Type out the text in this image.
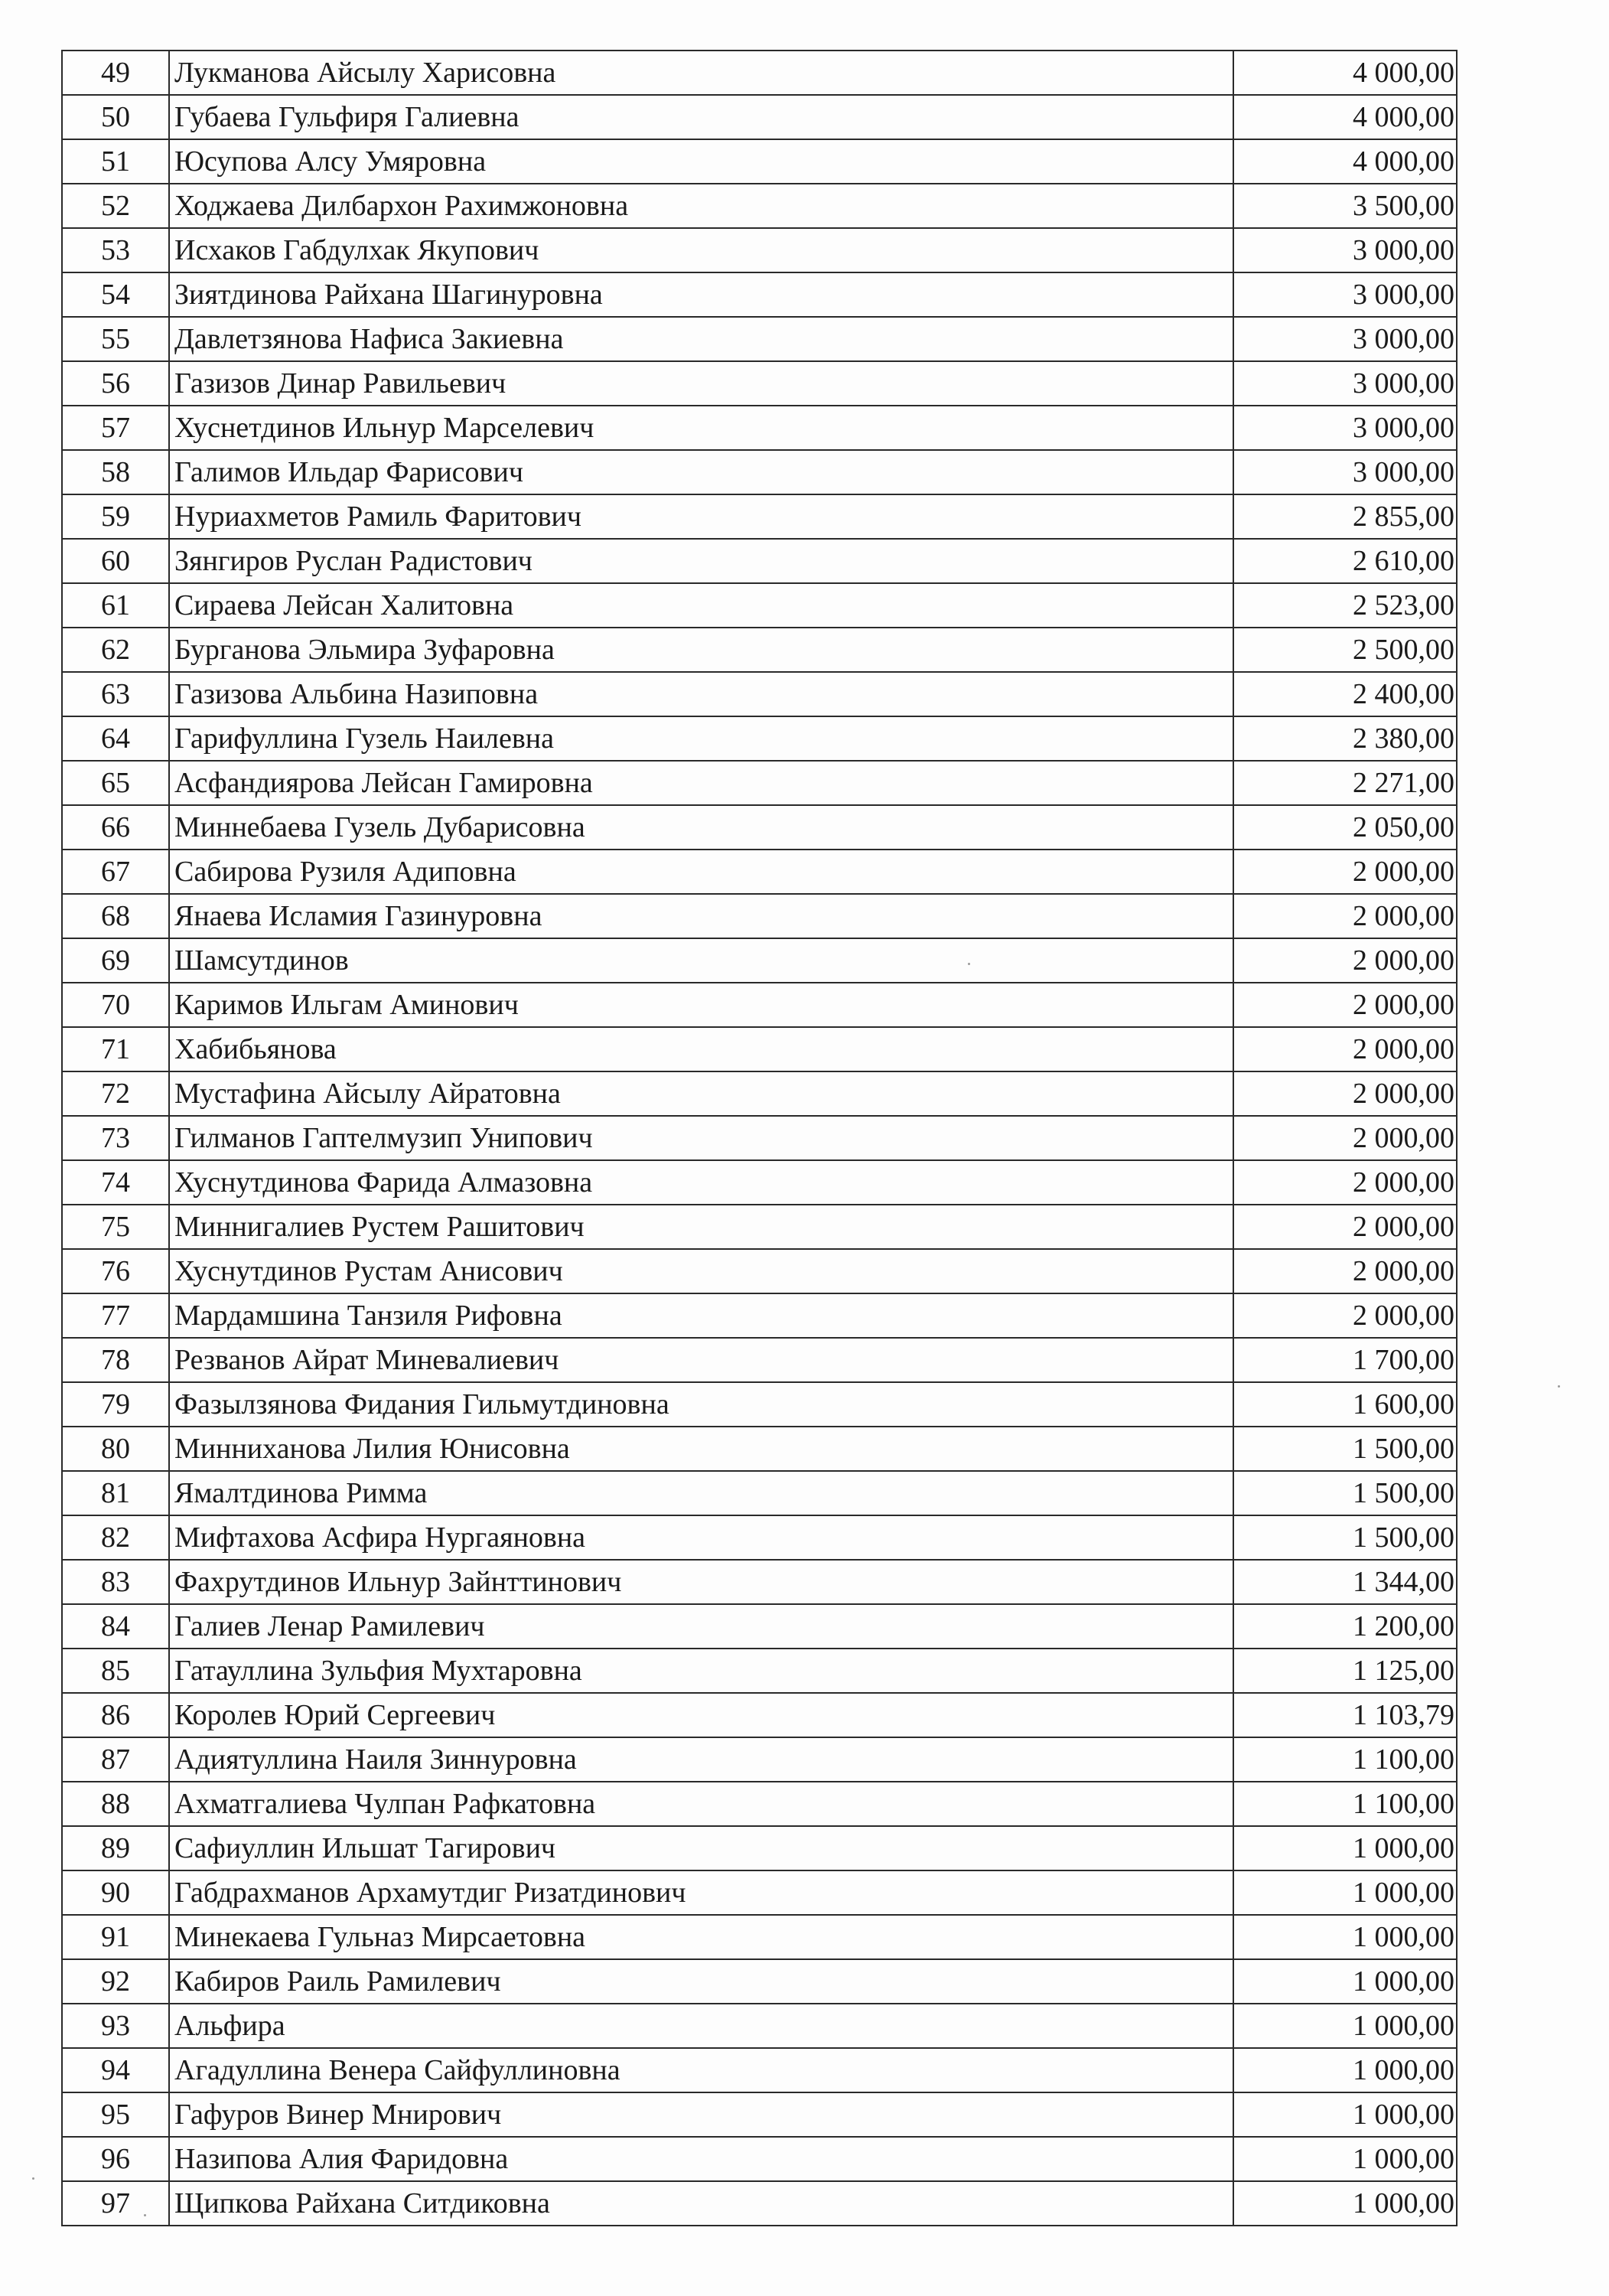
49	Лукманова Айсылу Харисовна	4 000,00
50	Губаева Гульфиря Галиевна	4 000,00
51	Юсупова Алсу Умяровна	4 000,00
52	Ходжаева Дилбархон Рахимжоновна	3 500,00
53	Исхаков Габдулхак Якупович	3 000,00
54	Зиятдинова Райхана Шагинуровна	3 000,00
55	Давлетзянова Нафиса Закиевна	3 000,00
56	Газизов Динар Равильевич	3 000,00
57	Хуснетдинов Ильнур Марселевич	3 000,00
58	Галимов Ильдар Фарисович	3 000,00
59	Нуриахметов Рамиль Фаритович	2 855,00
60	Зянгиров Руслан Радистович	2 610,00
61	Сираева Лейсан Халитовна	2 523,00
62	Бурганова Эльмира Зуфаровна	2 500,00
63	Газизова Альбина Назиповна	2 400,00
64	Гарифуллина Гузель Наилевна	2 380,00
65	Асфандиярова Лейсан Гамировна	2 271,00
66	Миннебаева Гузель Дубарисовна	2 050,00
67	Сабирова Рузиля Адиповна	2 000,00
68	Янаева Исламия Газинуровна	2 000,00
69	Шамсутдинов	2 000,00
70	Каримов Ильгам Аминович	2 000,00
71	Хабибьянова	2 000,00
72	Мустафина Айсылу Айратовна	2 000,00
73	Гилманов Гаптелмузип Унипович	2 000,00
74	Хуснутдинова Фарида Алмазовна	2 000,00
75	Миннигалиев Рустем Рашитович	2 000,00
76	Хуснутдинов Рустам Анисович	2 000,00
77	Мардамшина Танзиля Рифовна	2 000,00
78	Резванов Айрат Миневалиевич	1 700,00
79	Фазылзянова Фидания Гильмутдиновна	1 600,00
80	Минниханова Лилия Юнисовна	1 500,00
81	Ямалтдинова Римма	1 500,00
82	Мифтахова Асфира Нургаяновна	1 500,00
83	Фахрутдинов Ильнур Зайнттинович	1 344,00
84	Галиев Ленар Рамилевич	1 200,00
85	Гатауллина Зульфия Мухтаровна	1 125,00
86	Королев Юрий Сергеевич	1 103,79
87	Адиятуллина Наиля Зиннуровна	1 100,00
88	Ахматгалиева Чулпан Рафкатовна	1 100,00
89	Сафиуллин Ильшат Тагирович	1 000,00
90	Габдрахманов Архамутдиг Ризатдинович	1 000,00
91	Минекаева Гульназ Мирсаетовна	1 000,00
92	Кабиров Раиль Рамилевич	1 000,00
93	Альфира	1 000,00
94	Агадуллина Венера Сайфуллиновна	1 000,00
95	Гафуров Винер Мнирович	1 000,00
96	Назипова Алия Фаридовна	1 000,00
97	Щипкова Райхана Ситдиковна	1 000,00
